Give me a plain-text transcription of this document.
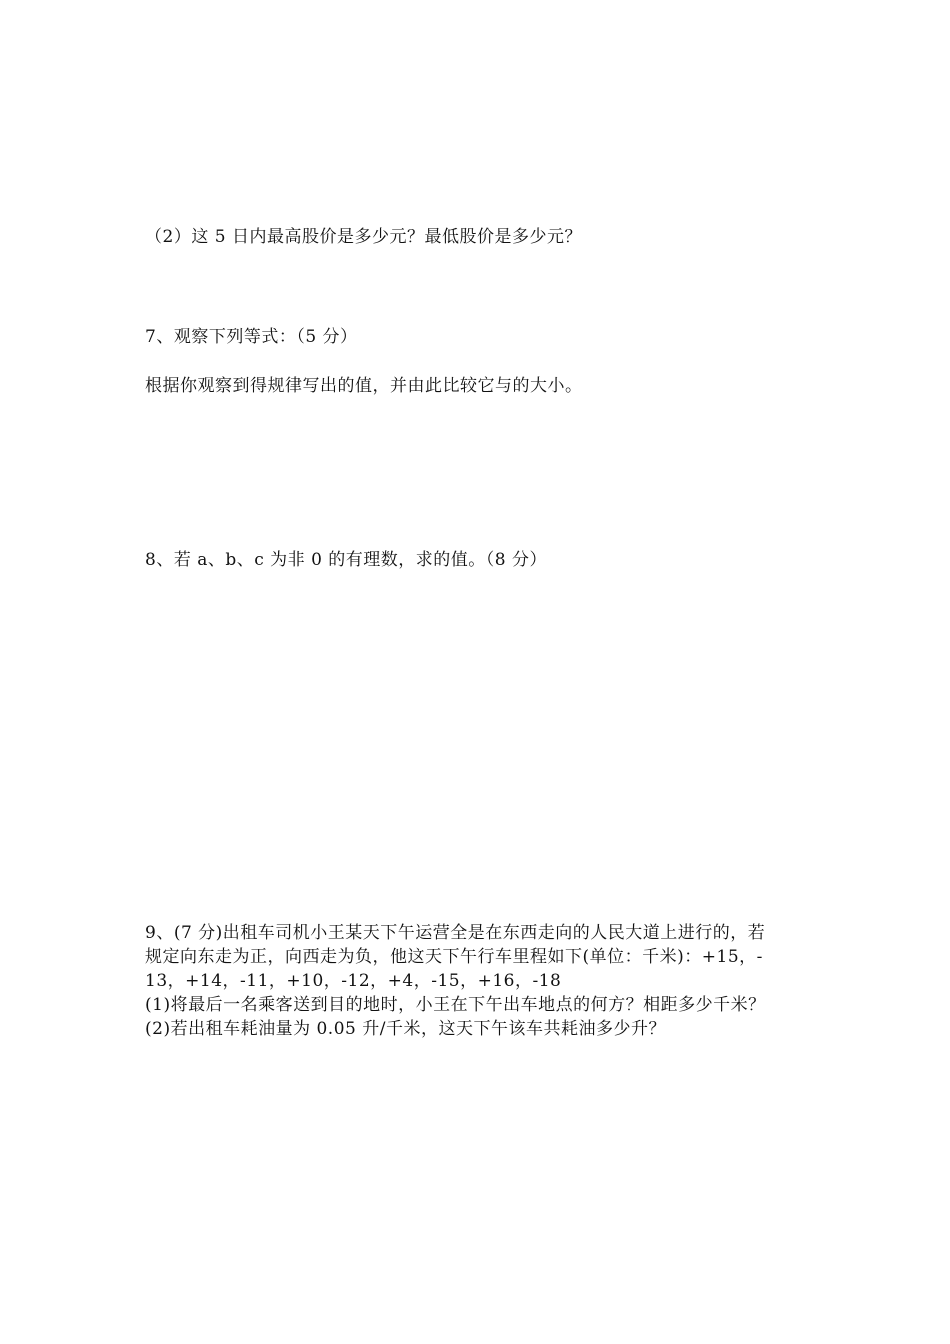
（2）这 5 日内最高股价是多少元？最低股价是多少元？
7、观察下列等式：（5 分）
根据你观察到得规律写出的值，并由此比较它与的大小。
8、若 a、b、c 为非 0 的有理数，求的值。（8 分）
9、(7 分)出租车司机小王某天下午运营全是在东西走向的人民大道上进行的，若
规定向东走为正，向西走为负，他这天下午行车里程如下(单位：千米)：+15，-
13，+14，-11，+10，-12，+4，-15，+16，-18
(1)将最后一名乘客送到目的地时，小王在下午出车地点的何方？相距多少千米？
(2)若出租车耗油量为 0.05 升/千米，这天下午该车共耗油多少升？
